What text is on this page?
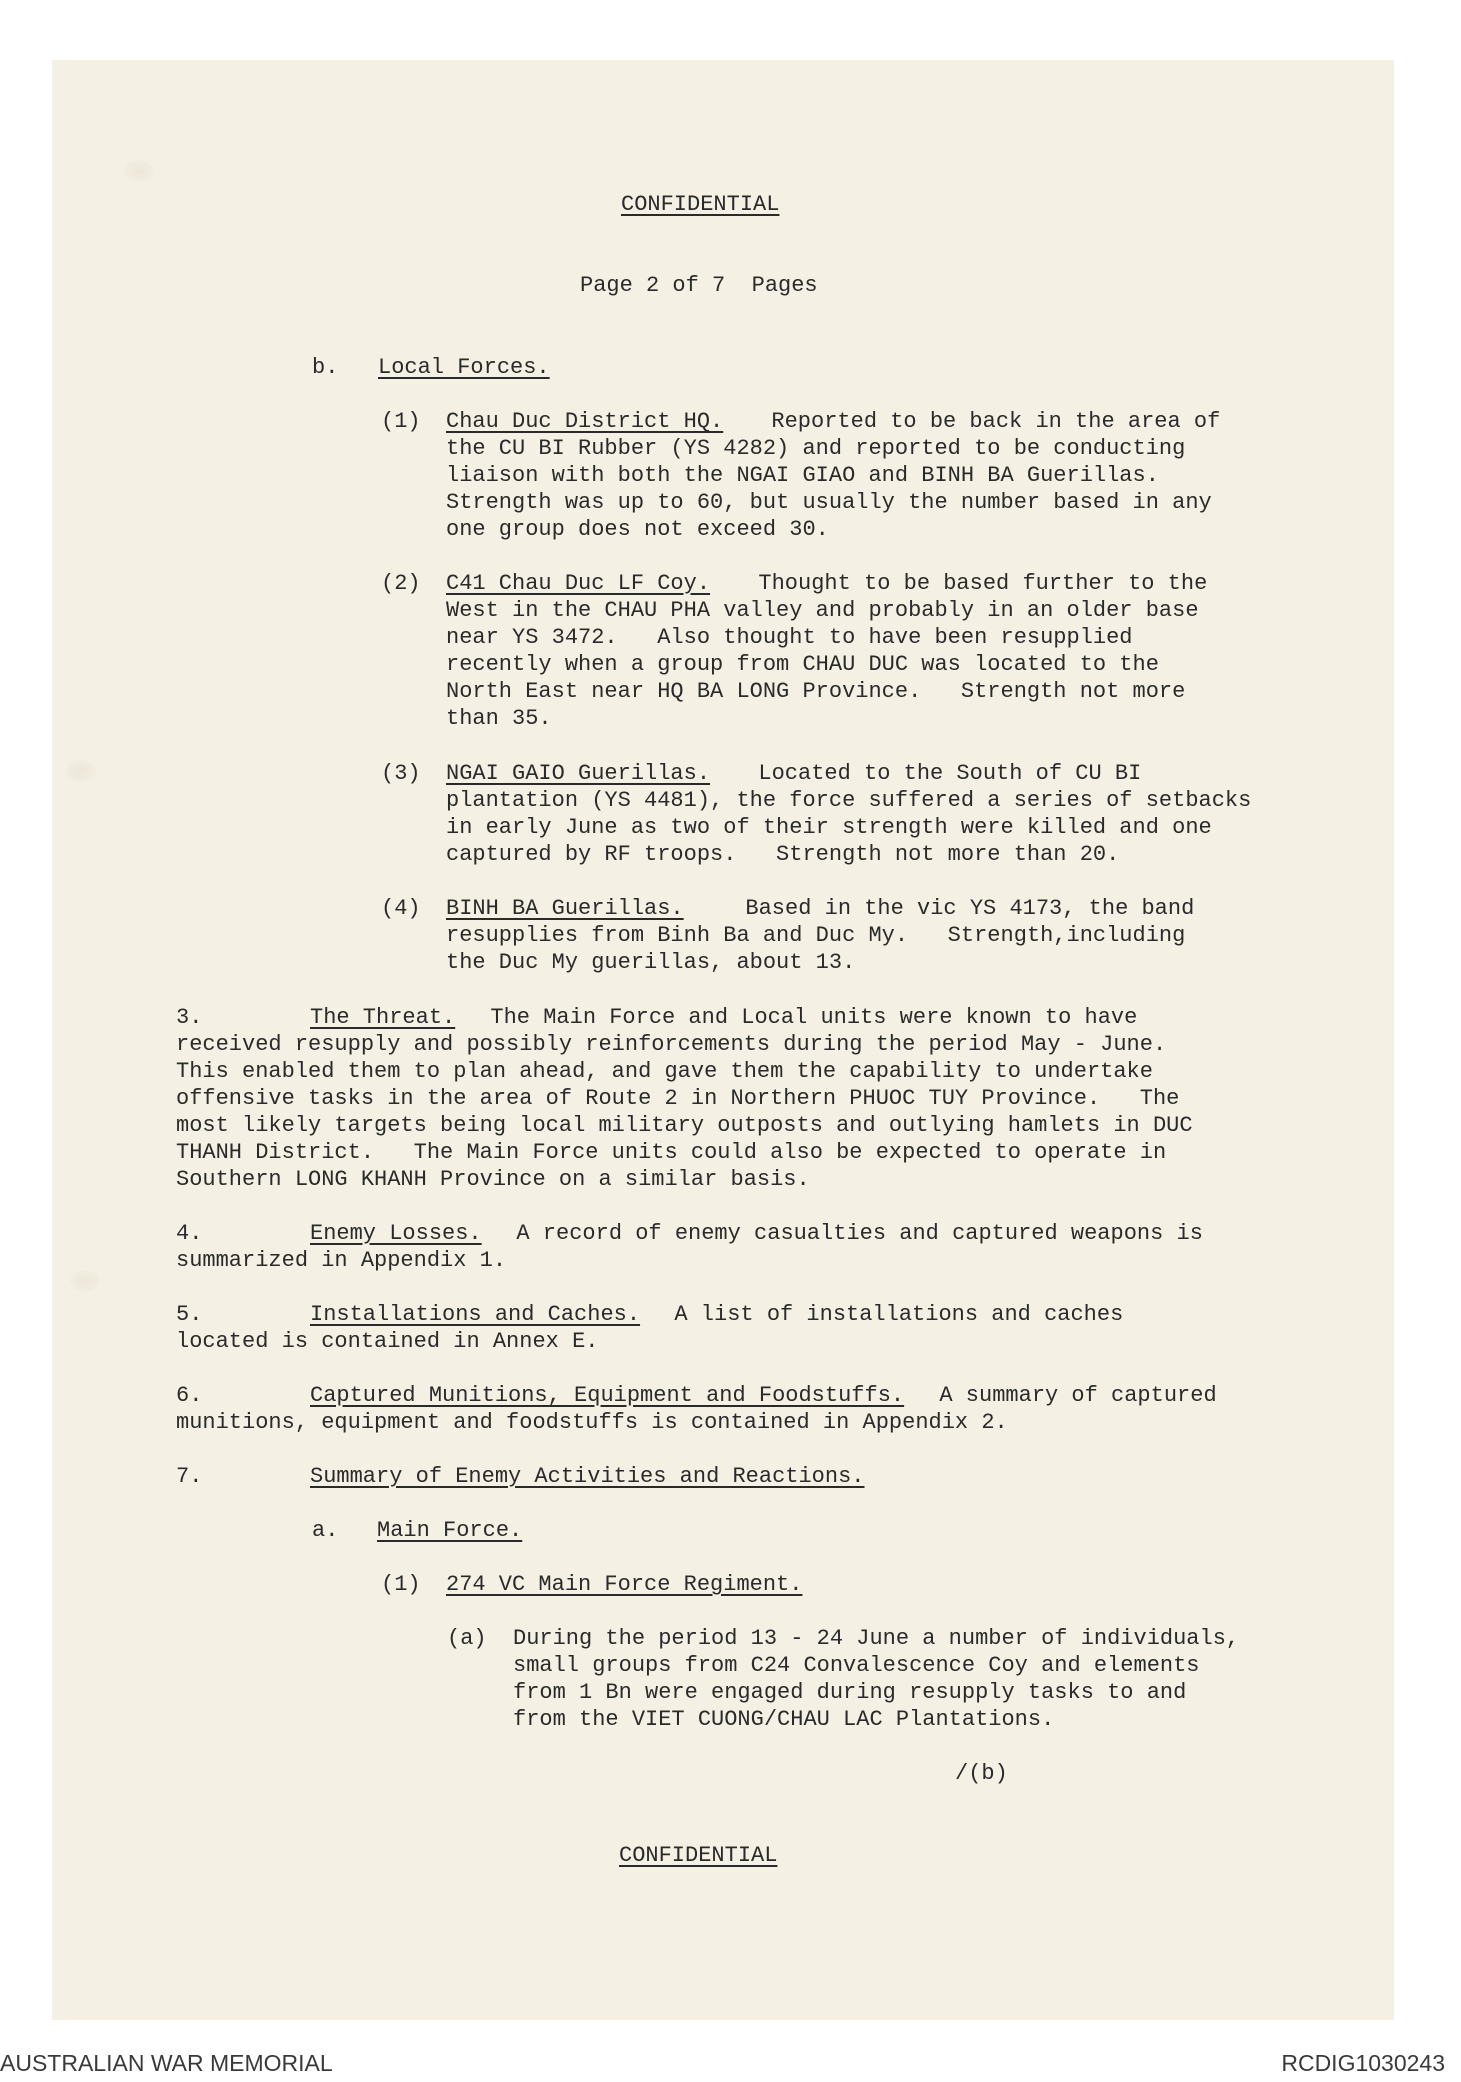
CONFIDENTIAL
Page 2 of 7  Pages
b. Local Forces.
(1) Chau Duc District HQ. Reported to be back in the area of
the CU BI Rubber (YS 4282) and reported to be conducting
liaison with both the NGAI GIAO and BINH BA Guerillas.
Strength was up to 60, but usually the number based in any
one group does not exceed 30.
(2) C41 Chau Duc LF Coy. Thought to be based further to the
West in the CHAU PHA valley and probably in an older base
near YS 3472.   Also thought to have been resupplied
recently when a group from CHAU DUC was located to the
North East near HQ BA LONG Province.   Strength not more
than 35.
(3) NGAI GAIO Guerillas. Located to the South of CU BI
plantation (YS 4481), the force suffered a series of setbacks
in early June as two of their strength were killed and one
captured by RF troops.   Strength not more than 20.
(4) BINH BA Guerillas. Based in the vic YS 4173, the band
resupplies from Binh Ba and Duc My.   Strength,including
the Duc My guerillas, about 13.
3.	The Threat. The Main Force and Local units were known to have
received resupply and possibly reinforcements during the period May - June.
This enabled them to plan ahead, and gave them the capability to undertake
offensive tasks in the area of Route 2 in Northern PHUOC TUY Province.   The
most likely targets being local military outposts and outlying hamlets in DUC
THANH District.   The Main Force units could also be expected to operate in
Southern LONG KHANH Province on a similar basis.
4.	Enemy Losses. A record of enemy casualties and captured weapons is
summarized in Appendix 1.
5.	Installations and Caches. A list of installations and caches
located is contained in Annex E.
6.	Captured Munitions, Equipment and Foodstuffs. A summary of captured
munitions, equipment and foodstuffs is contained in Appendix 2.
7.	Summary of Enemy Activities and Reactions.
a. Main Force.
(1) 274 VC Main Force Regiment.
(a) During the period 13 - 24 June a number of individuals,
small groups from C24 Convalescence Coy and elements
from 1 Bn were engaged during resupply tasks to and
from the VIET CUONG/CHAU LAC Plantations.
/(b)
CONFIDENTIAL
AUSTRALIAN WAR MEMORIAL	RCDIG1030243
